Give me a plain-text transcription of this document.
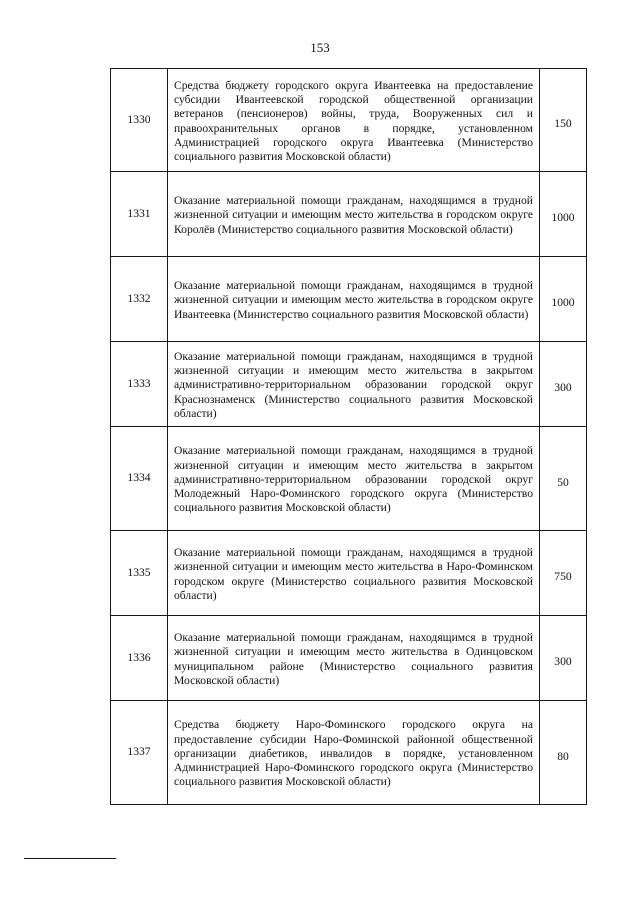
153
1330	Средства бюджету городского округа Ивантеевка на предоставление субсидии Ивантеевской городской общественной организации ветеранов (пенсионеров) войны, труда, Вооруженных сил и правоохранительных органов в порядке, установленном Администрацией городского округа Ивантеевка (Министерство социального развития Московской области)	150
1331	Оказание материальной помощи гражданам, находящимся в трудной жизненной ситуации и имеющим место жительства в городском округе Королёв (Министерство социального развития Московской области)	1000
1332	Оказание материальной помощи гражданам, находящимся в трудной жизненной ситуации и имеющим место жительства в городском округе Ивантеевка (Министерство социального развития Московской области)	1000
1333	Оказание материальной помощи гражданам, находящимся в трудной жизненной ситуации и имеющим место жительства в закрытом административно-территориальном образовании городской округ Краснознаменск (Министерство социального развития Московской области)	300
1334	Оказание материальной помощи гражданам, находящимся в трудной жизненной ситуации и имеющим место жительства в закрытом административно-территориальном образовании городской округ Молодежный Наро-Фоминского городского округа (Министерство социального развития Московской области)	50
1335	Оказание материальной помощи гражданам, находящимся в трудной жизненной ситуации и имеющим место жительства в Наро-Фоминском городском округе (Министерство социального развития Московской области)	750
1336	Оказание материальной помощи гражданам, находящимся в трудной жизненной ситуации и имеющим место жительства в Одинцовском муниципальном районе (Министерство социального развития Московской области)	300
1337	Средства бюджету Наро-Фоминского городского округа на предоставление субсидии Наро-Фоминской районной общественной организации диабетиков, инвалидов в порядке, установленном Администрацией Наро-Фоминского городского округа (Министерство социального развития Московской области)	80
